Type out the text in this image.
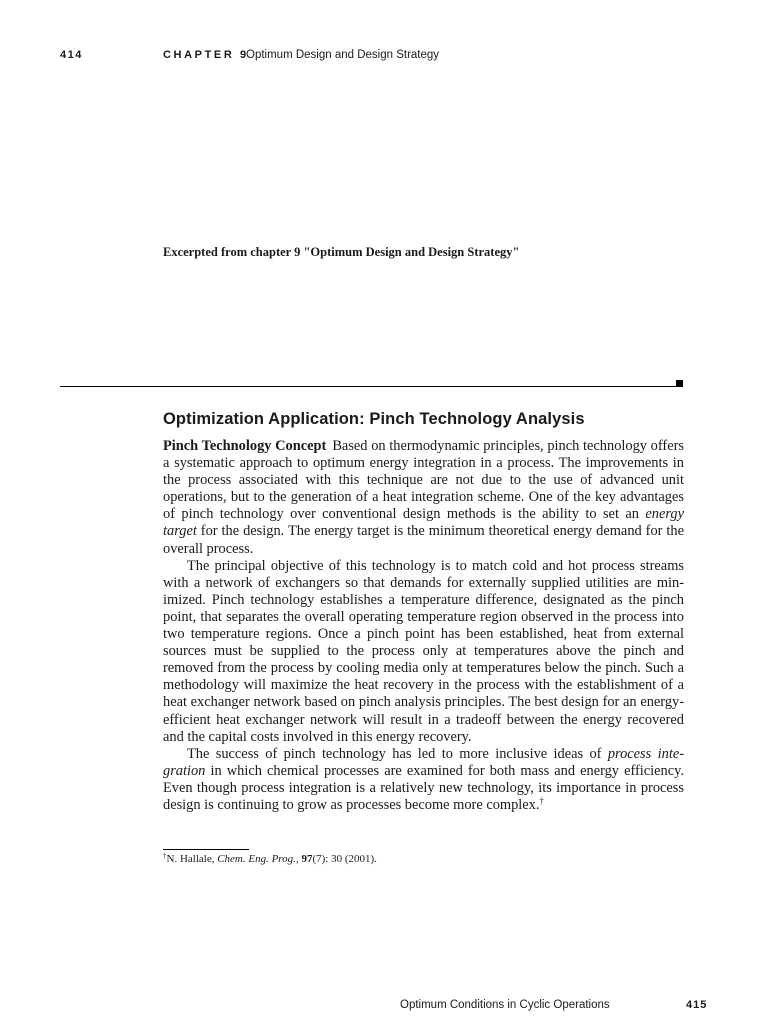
414	CHAPTER 9
Optimum Design and Design Strategy
Excerpted from chapter 9 "Optimum Design and Design Strategy"
Optimization Application: Pinch Technology Analysis

Pinch Technology Concept Based on thermodynamic principles, pinch technology offers a systematic approach to optimum energy integration in a process. The improvements in the process associated with this technique are not due to the use of advanced unit operations, but to the generation of a heat integration scheme. One of the key advantages of pinch technology over conventional design methods is the ability to set an energy target for the design. The energy target is the minimum theoretical energy demand for the overall process.

The principal objective of this technology is to match cold and hot process streams with a network of exchangers so that demands for externally supplied utilities are minimized. Pinch technology establishes a temperature difference, designated as the pinch point, that separates the overall operating temperature region observed in the process into two temperature regions. Once a pinch point has been established, heat from external sources must be supplied to the process only at temperatures above the pinch and removed from the process by cooling media only at temperatures below the pinch. Such a methodology will maximize the heat recovery in the process with the establishment of a heat exchanger network based on pinch analysis principles. The best design for an energy-efficient heat exchanger network will result in a tradeoff between the energy recovered and the capital costs involved in this energy recovery.

The success of pinch technology has led to more inclusive ideas of process integration in which chemical processes are examined for both mass and energy efficiency. Even though process integration is a relatively new technology, its importance in process design is continuing to grow as processes become more complex.†

†N. Hallale, Chem. Eng. Prog., 97(7): 30 (2001).
Optimum Conditions in Cyclic Operations	415
